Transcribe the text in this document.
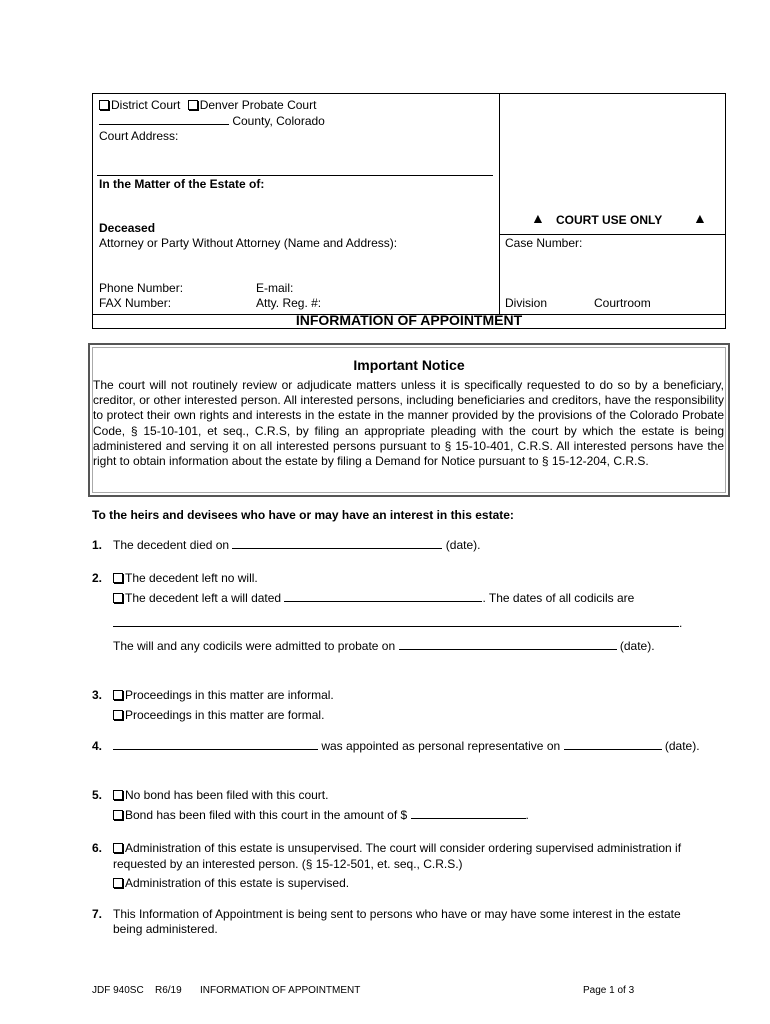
District Court Denver Probate Court
County, Colorado
Court Address:
In the Matter of the Estate of:
Deceased
Attorney or Party Without Attorney (Name and Address):
Phone Number:	E-mail:
FAX Number:	Atty. Reg. #:
▲ COURT USE ONLY ▲
Case Number:
Division	Courtroom
INFORMATION OF APPOINTMENT
Important Notice
The court will not routinely review or adjudicate matters unless it is specifically requested to do so by a beneficiary, creditor, or other interested person. All interested persons, including beneficiaries and creditors, have the responsibility to protect their own rights and interests in the estate in the manner provided by the provisions of the Colorado Probate Code, § 15-10-101, et seq., C.R.S, by filing an appropriate pleading with the court by which the estate is being administered and serving it on all interested persons pursuant to § 15-10-401, C.R.S. All interested persons have the right to obtain information about the estate by filing a Demand for Notice pursuant to § 15-12-204, C.R.S.
To the heirs and devisees who have or may have an interest in this estate:
1. The decedent died on	(date).
2.	The decedent left no will.
The decedent left a will dated	. The dates of all codicils are
.
The will and any codicils were admitted to probate on	(date).
3.	Proceedings in this matter are informal.
Proceedings in this matter are formal.
4.	was appointed as personal representative on	(date).
5.	No bond has been filed with this court.
Bond has been filed with this court in the amount of $	.
6.	Administration of this estate is unsupervised. The court will consider ordering supervised administration if
requested by an interested person. (§ 15-12-501, et. seq., C.R.S.)
Administration of this estate is supervised.
7. This Information of Appointment is being sent to persons who have or may have some interest in the estate
being administered.
JDF 940SC R6/19 INFORMATION OF APPOINTMENT	Page 1 of 3
